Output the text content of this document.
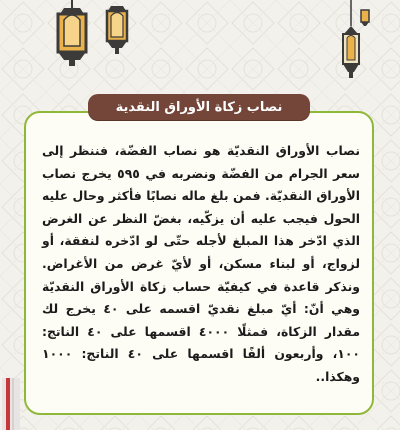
نصاب زكاة الأوراق النقدية

نصاب الأوراق النقديّة هو نصاب الفضّة، فننظر إلى سعر الجرام من الفضّة ونضربه في ٥٩٥ يخرج نصاب الأوراق النقديّة. فمن بلغ ماله نصابًا فأكثر وحال عليه الحول فيجب عليه أن يزكّيه، بغضّ النظر عن الغرض الذي ادّخر هذا المبلغ لأجله حتّى لو ادّخره لنفقة، أو لزواج، أو لبناء مسكن، أو لأيّ غرض من الأغراض. ونذكر قاعدة في كيفيّة حساب زكاة الأوراق النقديّة وهي أنّ: أيّ مبلغ نقديّ اقسمه على ٤٠ يخرج لك مقدار الزكاة، فمثلًا ٤٠٠٠ اقسمها على ٤٠ الناتج: ١٠٠، وأربعون ألفًا اقسمها على ٤٠ الناتج: ١٠٠٠ وهكذا..
